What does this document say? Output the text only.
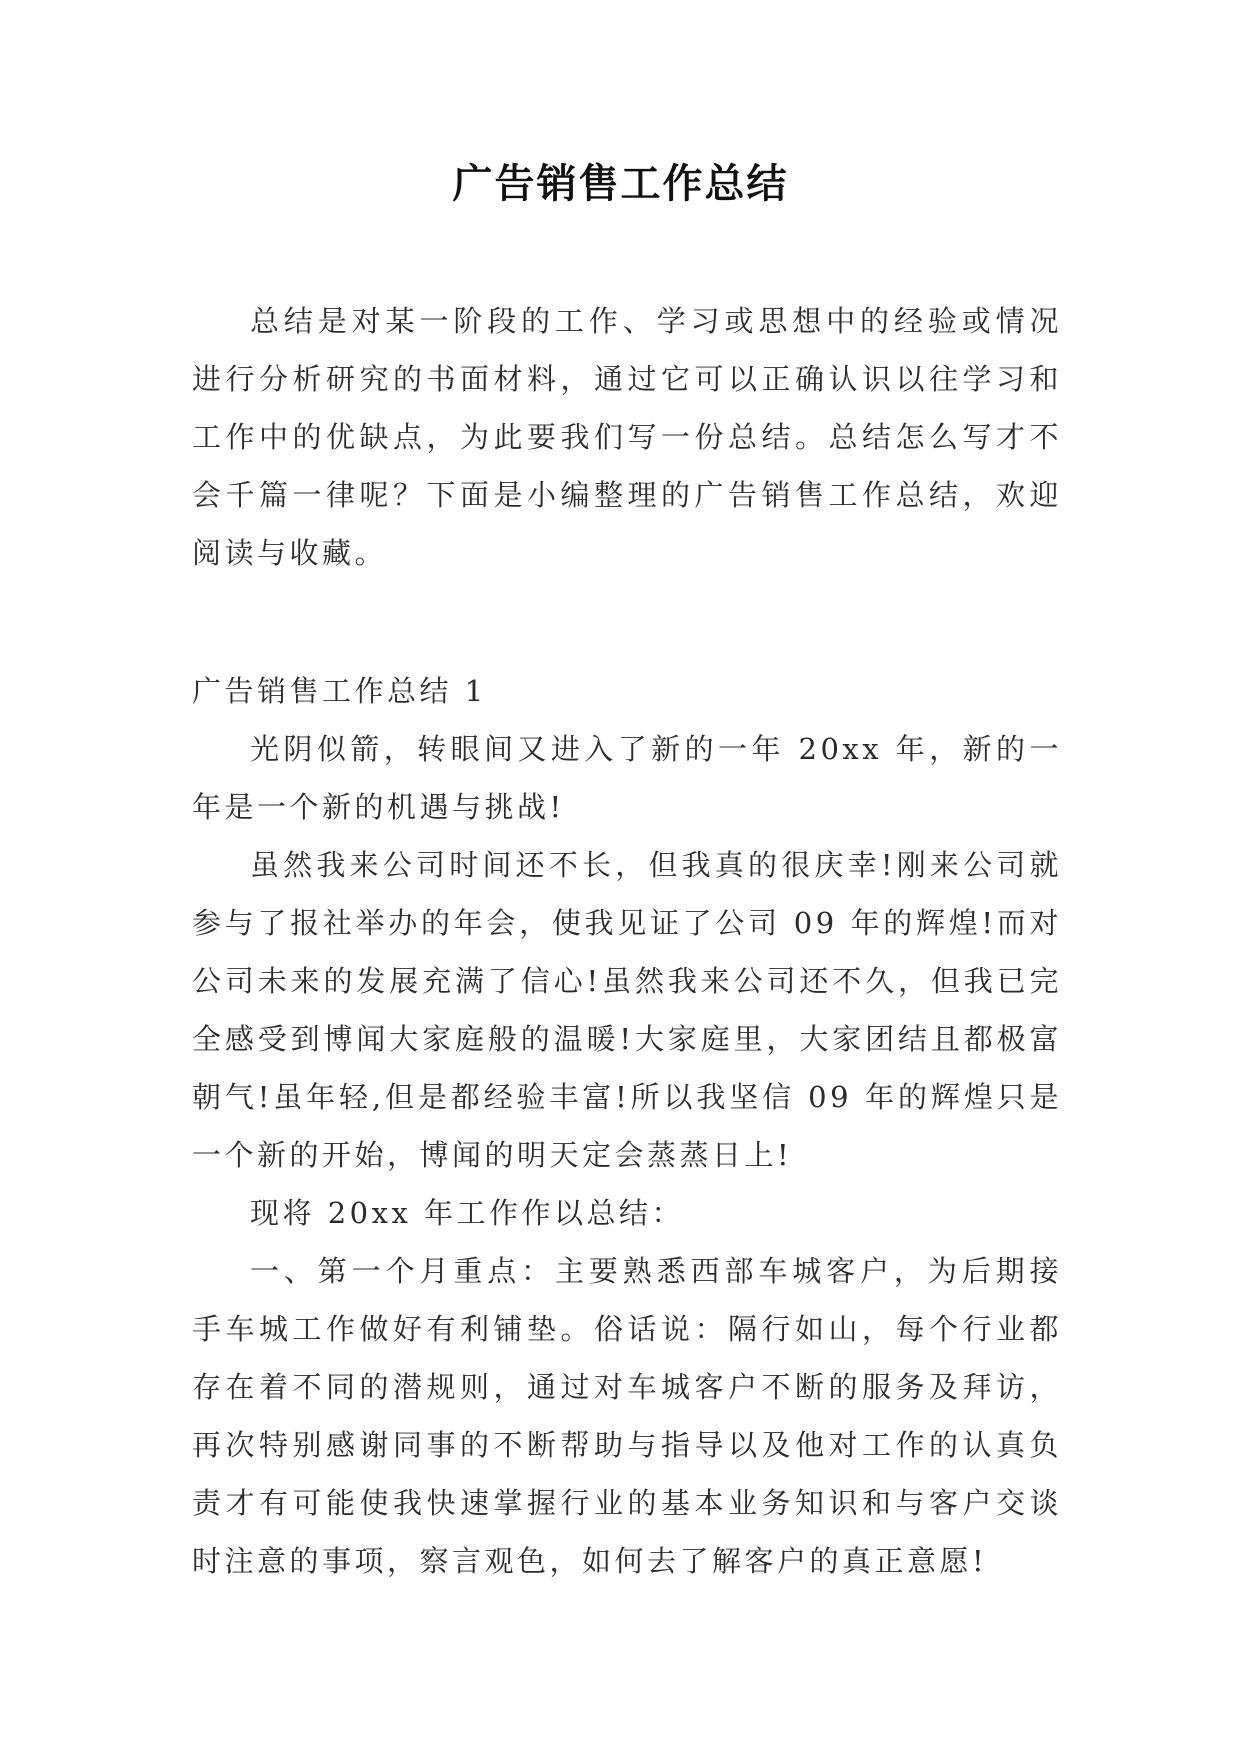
广告销售工作总结

总结是对某一阶段的工作、学习或思想中的经验或情况进行分析研究的书面材料，通过它可以正确认识以往学习和工作中的优缺点，为此要我们写一份总结。总结怎么写才不会千篇一律呢？下面是小编整理的广告销售工作总结，欢迎阅读与收藏。

广告销售工作总结 1

光阴似箭，转眼间又进入了新的一年 20xx 年，新的一年是一个新的机遇与挑战!

虽然我来公司时间还不长，但我真的很庆幸!刚来公司就参与了报社举办的年会，使我见证了公司 09 年的辉煌!而对公司未来的发展充满了信心!虽然我来公司还不久，但我已完全感受到博闻大家庭般的温暖!大家庭里，大家团结且都极富朝气!虽年轻,但是都经验丰富!所以我坚信 09 年的辉煌只是一个新的开始，博闻的明天定会蒸蒸日上!

现将 20xx 年工作作以总结：

一、第一个月重点：主要熟悉西部车城客户，为后期接手车城工作做好有利铺垫。俗话说：隔行如山，每个行业都存在着不同的潜规则，通过对车城客户不断的服务及拜访，再次特别感谢同事的不断帮助与指导以及他对工作的认真负责才有可能使我快速掌握行业的基本业务知识和与客户交谈时注意的事项，察言观色，如何去了解客户的真正意愿!
